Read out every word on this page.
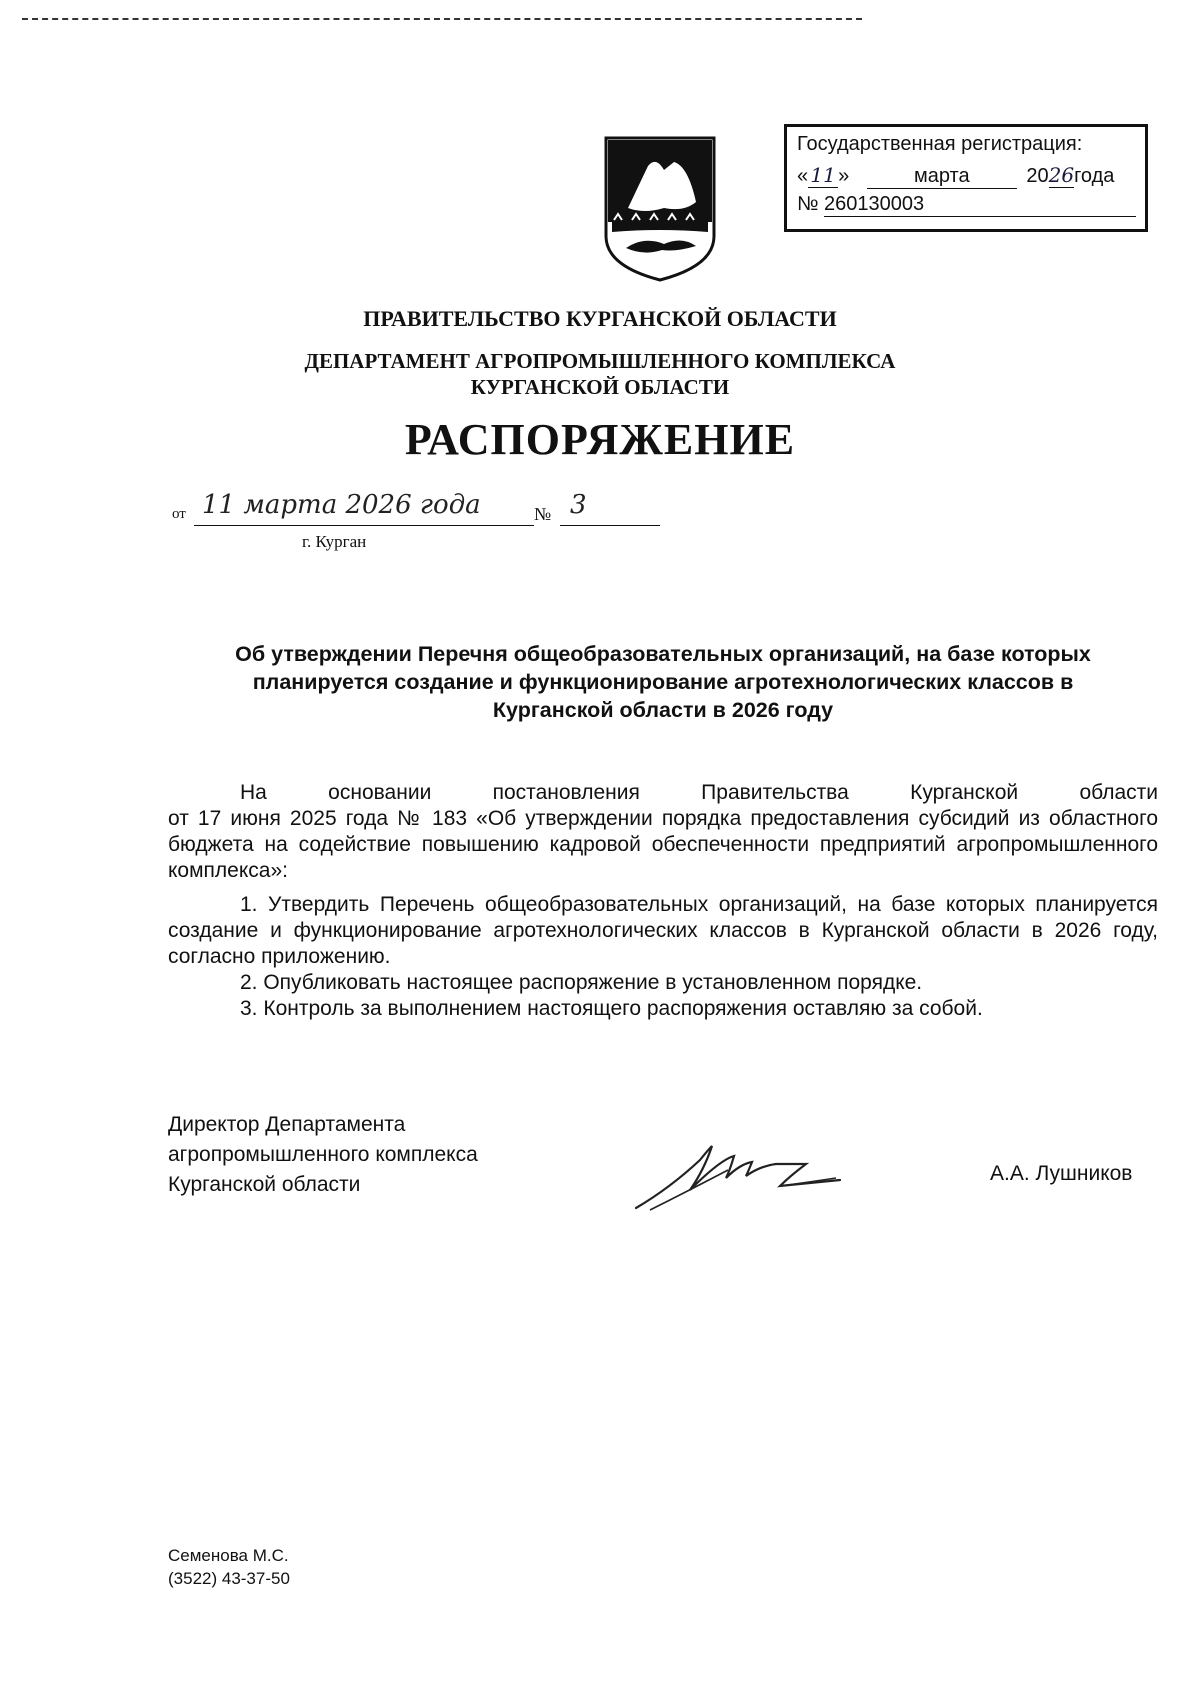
Государственная регистрация:
« 11 »	марта	2026года
№ 260130003
ПРАВИТЕЛЬСТВО КУРГАНСКОЙ ОБЛАСТИ
ДЕПАРТАМЕНТ АГРОПРОМЫШЛЕННОГО КОМПЛЕКСА
КУРГАНСКОЙ ОБЛАСТИ
РАСПОРЯЖЕНИЕ
от 11 марта 2026 года	№ 3
г. Курган
Об утверждении Перечня общеобразовательных организаций, на базе которых
планируется создание и функционирование агротехнологических классов в
Курганской области в 2026 году
На основании постановления Правительства Курганской области
от 17 июня 2025 года № 183 «Об утверждении порядка предоставления субсидий из областного бюджета на содействие повышению кадровой обеспеченности предприятий агропромышленного комплекса»:
1. Утвердить Перечень общеобразовательных организаций, на базе которых планируется создание и функционирование агротехнологических классов в Курганской области в 2026 году, согласно приложению.
2. Опубликовать настоящее распоряжение в установленном порядке.
3. Контроль за выполнением настоящего распоряжения оставляю за собой.
Директор Департамента
агропромышленного комплекса
Курганской области	А.А. Лушников
Семенова М.С.
(3522) 43-37-50
